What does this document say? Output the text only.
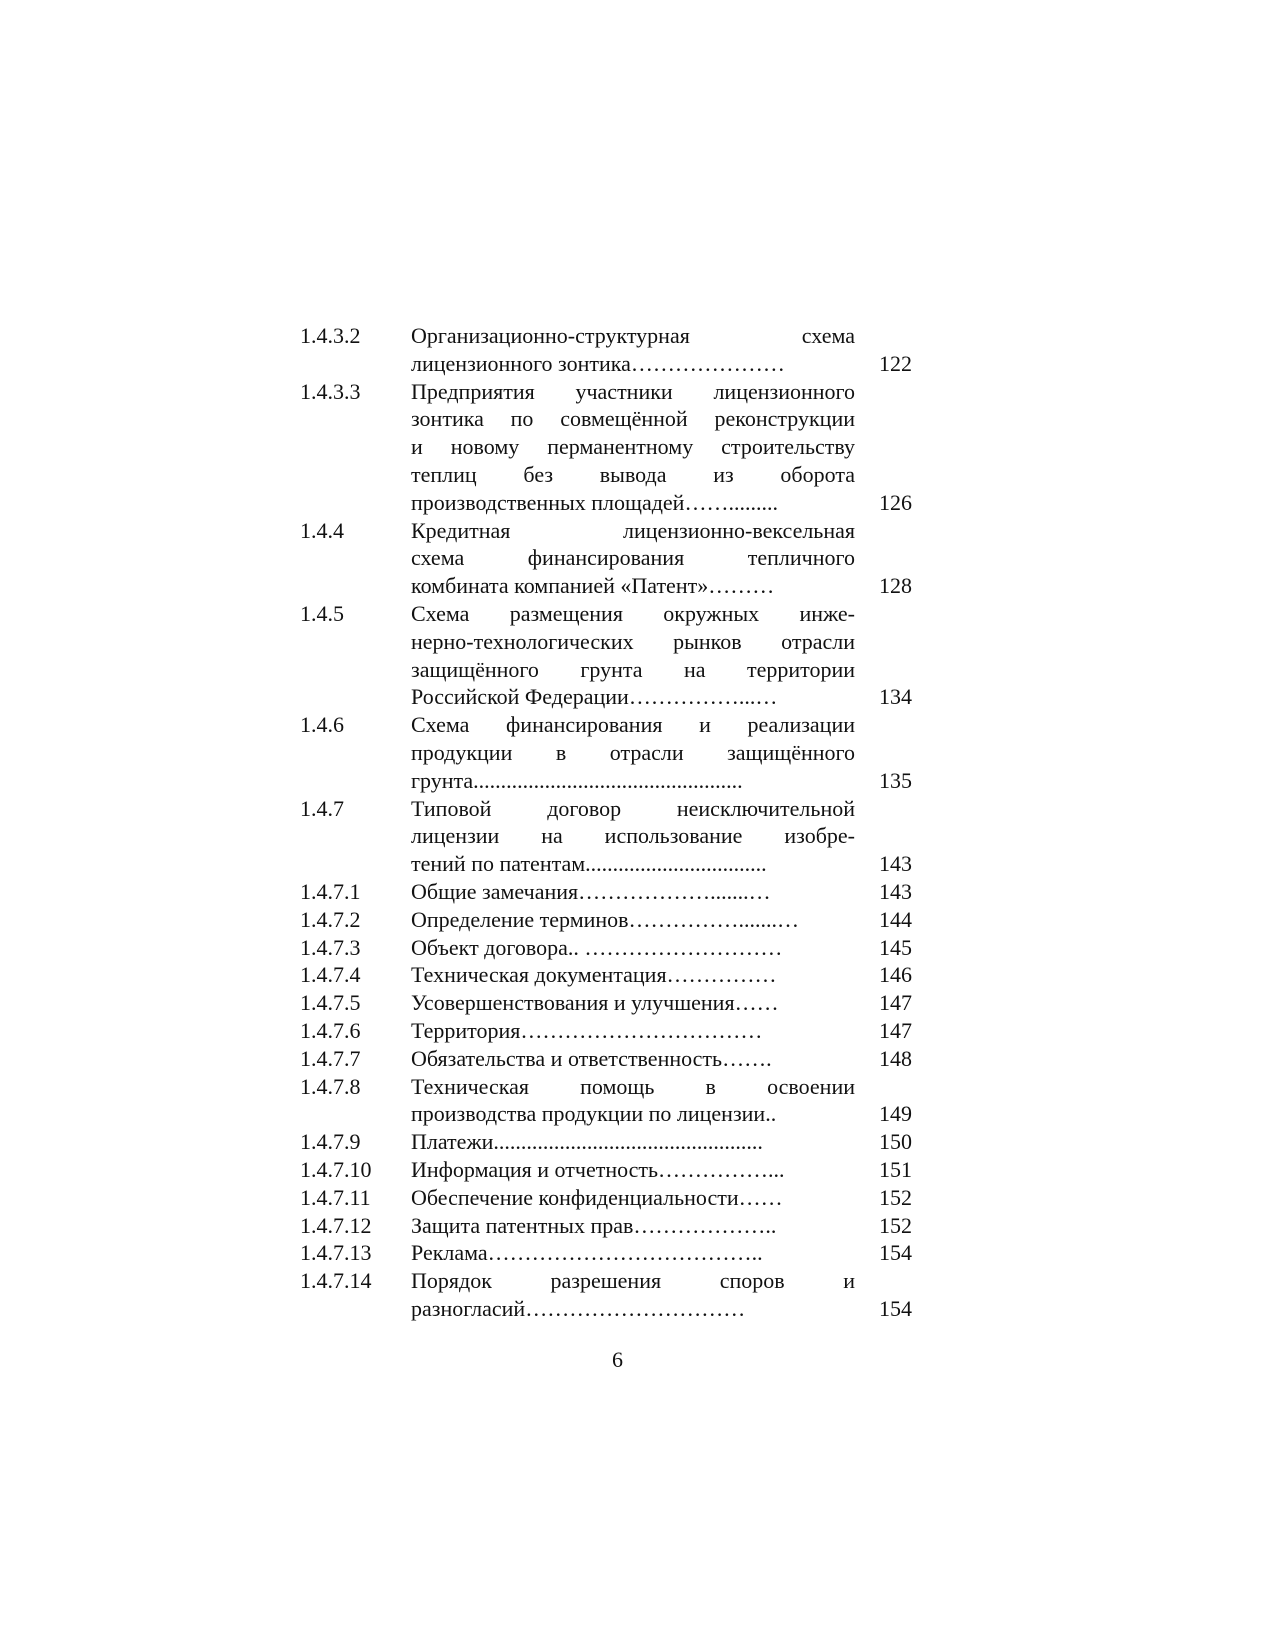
1.4.3.2	Организационно-структурная схема
лицензионного зонтика…………………	122
1.4.3.3	Предприятия участники лицензионного
зонтика по совмещённой реконструкции
и новому перманентному строительству
теплиц без вывода из оборота
производственных площадей…….........	126
1.4.4	Кредитная лицензионно-вексельная
схема финансирования тепличного
комбината компанией «Патент»………	128
1.4.5	Схема размещения окружных инже-
нерно-технологических рынков отрасли
защищённого грунта на территории
Российской Федерации……………...…	134
1.4.6	Схема финансирования и реализации
продукции в отрасли защищённого
грунта.................................................	135
1.4.7	Типовой договор неисключительной
лицензии на использование изобре-
тений по патентам.................................	143
1.4.7.1	Общие замечания……………….......…	143
1.4.7.2	Определение терминов…………….......…	144
1.4.7.3	Объект договора.. ………………………	145
1.4.7.4	Техническая документация……………	146
1.4.7.5	Усовершенствования и улучшения……	147
1.4.7.6	Территория……………………………	147
1.4.7.7	Обязательства и ответственность…….	148
1.4.7.8	Техническая помощь в освоении
производства продукции по лицензии..	149
1.4.7.9	Платежи.................................................	150
1.4.7.10	Информация и отчетность……………...	151
1.4.7.11	Обеспечение конфиденциальности……	152
1.4.7.12	Защита патентных прав………………..	152
1.4.7.13	Реклама………………………………..	154
1.4.7.14	Порядок разрешения споров и
разногласий…………………………	154
6
